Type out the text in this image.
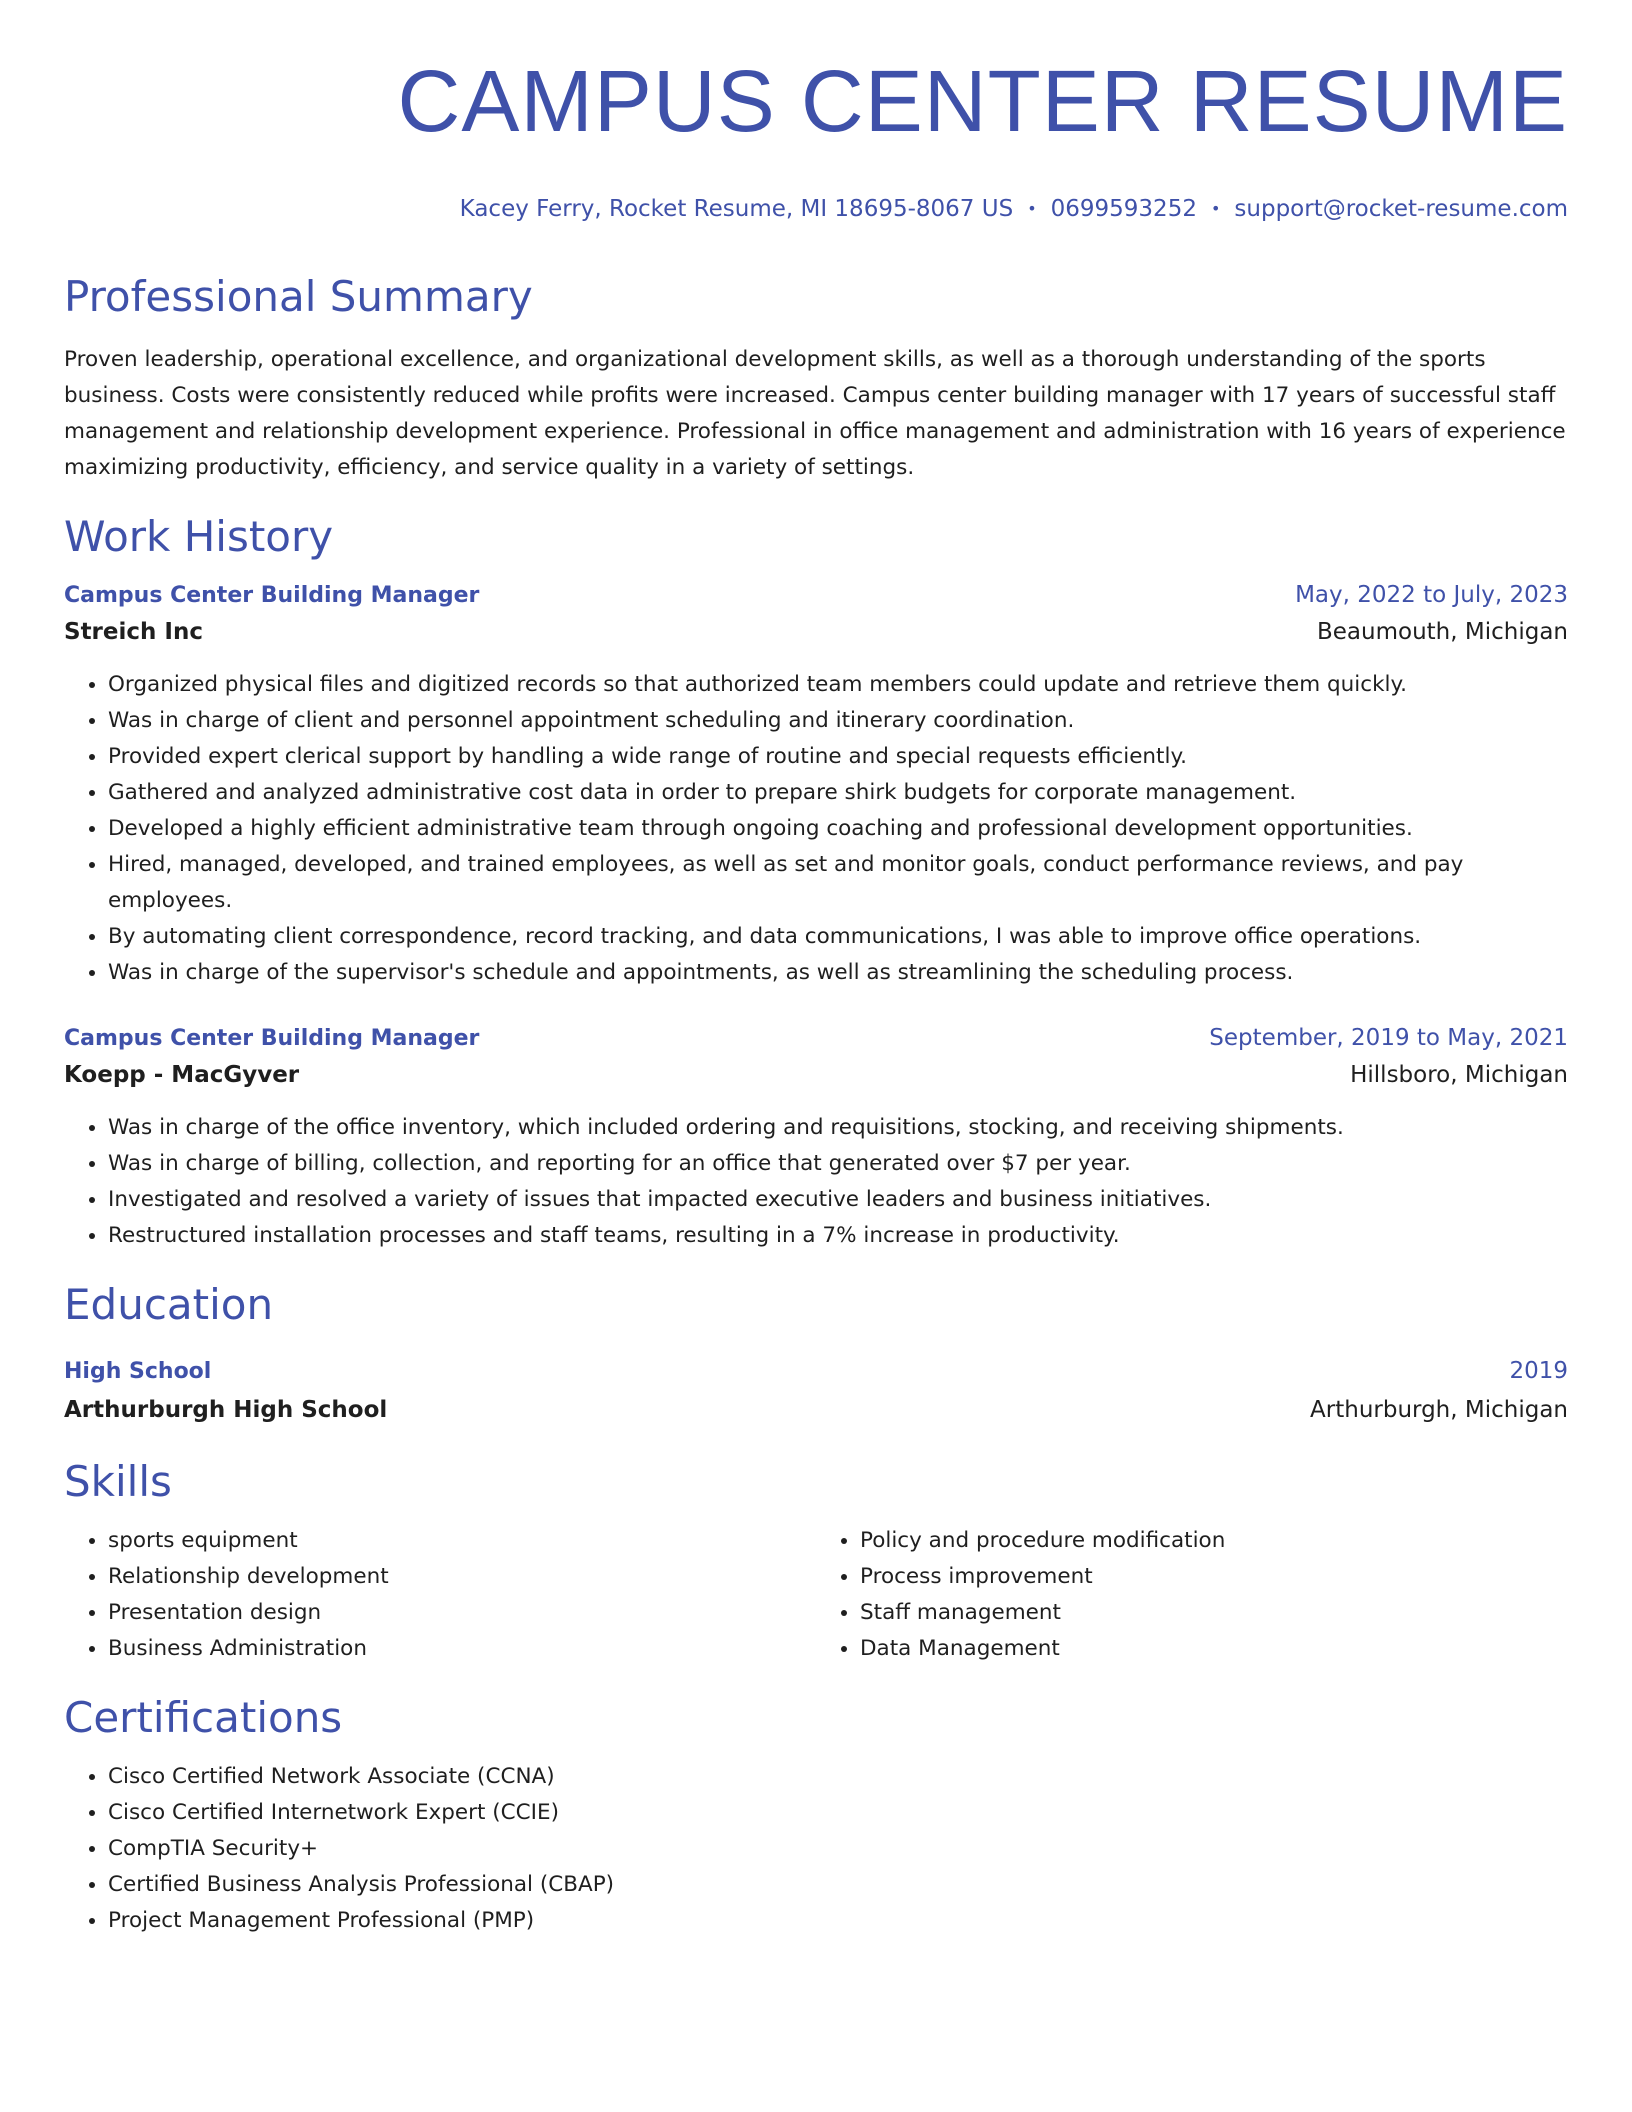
CAMPUS CENTER RESUME
Kacey Ferry, Rocket Resume, MI 18695-8067 US • 0699593252 • support@rocket-resume.com
Professional Summary
Proven leadership, operational excellence, and organizational development skills, as well as a thorough understanding of the sports business. Costs were consistently reduced while profits were increased. Campus center building manager with 17 years of successful staff management and relationship development experience. Professional in office management and administration with 16 years of experience maximizing productivity, efficiency, and service quality in a variety of settings.
Work History
Campus Center Building Manager	May, 2022 to July, 2023
Streich Inc	Beaumouth, Michigan
• Organized physical files and digitized records so that authorized team members could update and retrieve them quickly.
• Was in charge of client and personnel appointment scheduling and itinerary coordination.
• Provided expert clerical support by handling a wide range of routine and special requests efficiently.
• Gathered and analyzed administrative cost data in order to prepare shirk budgets for corporate management.
• Developed a highly efficient administrative team through ongoing coaching and professional development opportunities.
• Hired, managed, developed, and trained employees, as well as set and monitor goals, conduct performance reviews, and pay employees.
• By automating client correspondence, record tracking, and data communications, I was able to improve office operations.
• Was in charge of the supervisor's schedule and appointments, as well as streamlining the scheduling process.
Campus Center Building Manager	September, 2019 to May, 2021
Koepp - MacGyver	Hillsboro, Michigan
• Was in charge of the office inventory, which included ordering and requisitions, stocking, and receiving shipments.
• Was in charge of billing, collection, and reporting for an office that generated over $7 per year.
• Investigated and resolved a variety of issues that impacted executive leaders and business initiatives.
• Restructured installation processes and staff teams, resulting in a 7% increase in productivity.
Education
High School	2019
Arthurburgh High School	Arthurburgh, Michigan
Skills
• sports equipment
• Relationship development
• Presentation design
• Business Administration
• Policy and procedure modification
• Process improvement
• Staff management
• Data Management
Certifications
• Cisco Certified Network Associate (CCNA)
• Cisco Certified Internetwork Expert (CCIE)
• CompTIA Security+
• Certified Business Analysis Professional (CBAP)
• Project Management Professional (PMP)
